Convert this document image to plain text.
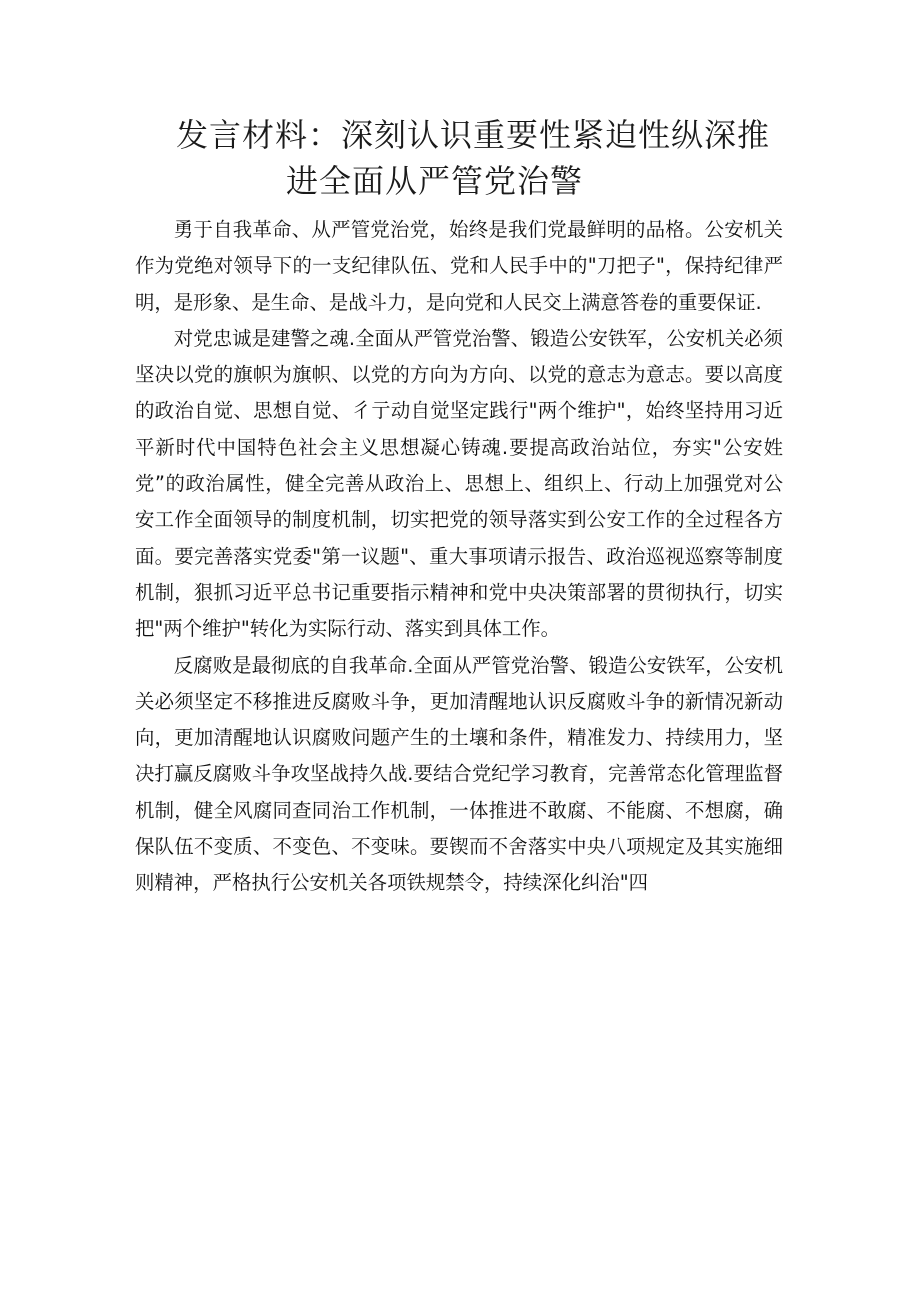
发言材料：深刻认识重要性紧迫性纵深推
进全面从严管党治警

勇于自我革命、从严管党治党，始终是我们党最鲜明的品格。公安机关作为党绝对领导下的一支纪律队伍、党和人民手中的"刀把子"，保持纪律严明，是形象、是生命、是战斗力，是向党和人民交上满意答卷的重要保证.

对党忠诚是建警之魂.全面从严管党治警、锻造公安铁军，公安机关必须坚决以党的旗帜为旗帜、以党的方向为方向、以党的意志为意志。要以高度的政治自觉、思想自觉、彳亍动自觉坚定践行"两个维护"，始终坚持用习近平新时代中国特色社会主义思想凝心铸魂.要提高政治站位，夯实"公安姓党”的政治属性，健全完善从政治上、思想上、组织上、行动上加强党对公安工作全面领导的制度机制，切实把党的领导落实到公安工作的全过程各方面。要完善落实党委"第一议题"、重大事项请示报告、政治巡视巡察等制度机制，狠抓习近平总书记重要指示精神和党中央决策部署的贯彻执行，切实把"两个维护"转化为实际行动、落实到具体工作。

反腐败是最彻底的自我革命.全面从严管党治警、锻造公安铁军，公安机关必须坚定不移推进反腐败斗争，更加清醒地认识反腐败斗争的新情况新动向，更加清醒地认识腐败问题产生的土壤和条件，精准发力、持续用力，坚决打赢反腐败斗争攻坚战持久战.要结合党纪学习教育，完善常态化管理监督机制，健全风腐同查同治工作机制，一体推进不敢腐、不能腐、不想腐，确保队伍不变质、不变色、不变味。要锲而不舍落实中央八项规定及其实施细则精神，严格执行公安机关各项铁规禁令，持续深化纠治"四
